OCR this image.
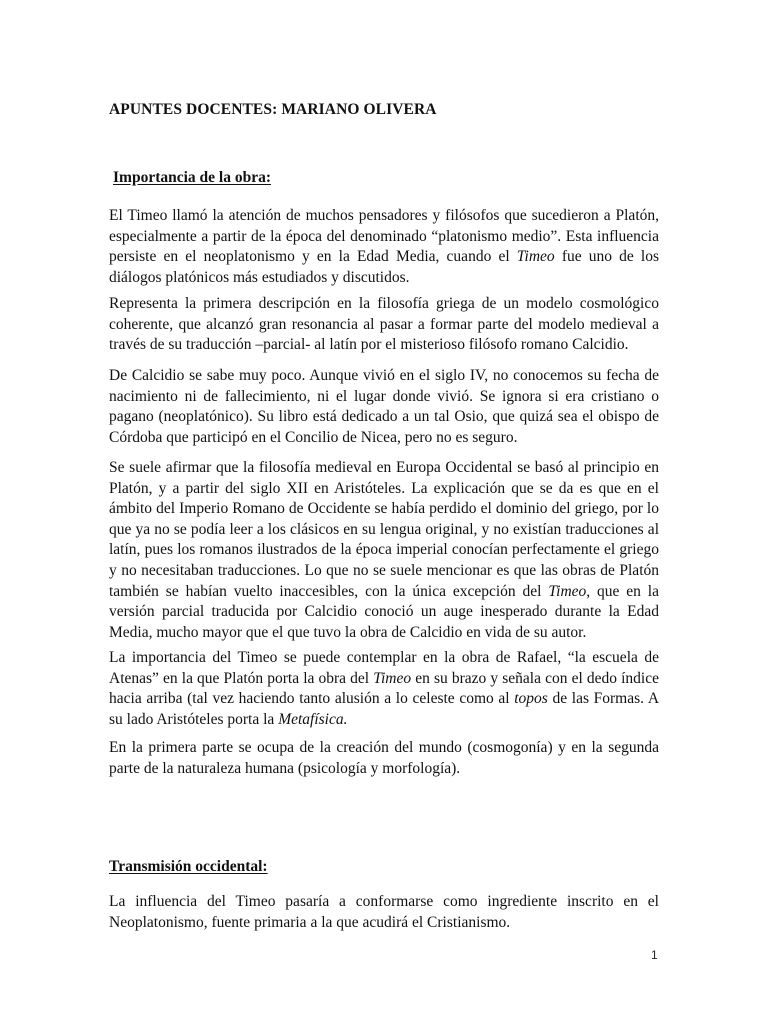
APUNTES DOCENTES: MARIANO OLIVERA
Importancia de la obra:

El Timeo llamó la atención de muchos pensadores y filósofos que sucedieron a Platón, especialmente a partir de la época del denominado “platonismo medio”. Esta influencia persiste en el neoplatonismo y en la Edad Media, cuando el Timeo fue uno de los diálogos platónicos más estudiados y discutidos.

Representa la primera descripción en la filosofía griega de un modelo cosmológico coherente, que alcanzó gran resonancia al pasar a formar parte del modelo medieval a través de su traducción –parcial- al latín por el misterioso filósofo romano Calcidio.

De Calcidio se sabe muy poco. Aunque vivió en el siglo IV, no conocemos su fecha de nacimiento ni de fallecimiento, ni el lugar donde vivió. Se ignora si era cristiano o pagano (neoplatónico). Su libro está dedicado a un tal Osio, que quizá sea el obispo de Córdoba que participó en el Concilio de Nicea, pero no es seguro.

Se suele afirmar que la filosofía medieval en Europa Occidental se basó al principio en Platón, y a partir del siglo XII en Aristóteles. La explicación que se da es que en el ámbito del Imperio Romano de Occidente se había perdido el dominio del griego, por lo que ya no se podía leer a los clásicos en su lengua original, y no existían traducciones al latín, pues los romanos ilustrados de la época imperial conocían perfectamente el griego y no necesitaban traducciones. Lo que no se suele mencionar es que las obras de Platón también se habían vuelto inaccesibles, con la única excepción del Timeo, que en la versión parcial traducida por Calcidio conoció un auge inesperado durante la Edad Media, mucho mayor que el que tuvo la obra de Calcidio en vida de su autor.

La importancia del Timeo se puede contemplar en la obra de Rafael, “la escuela de Atenas” en la que Platón porta la obra del Timeo en su brazo y señala con el dedo índice hacia arriba (tal vez haciendo tanto alusión a lo celeste como al topos de las Formas. A su lado Aristóteles porta la Metafísica.

En la primera parte se ocupa de la creación del mundo (cosmogonía) y en la segunda parte de la naturaleza humana (psicología y morfología).

Transmisión occidental:

La influencia del Timeo pasaría a conformarse como ingrediente inscrito en el Neoplatonismo, fuente primaria a la que acudirá el Cristianismo.

1
